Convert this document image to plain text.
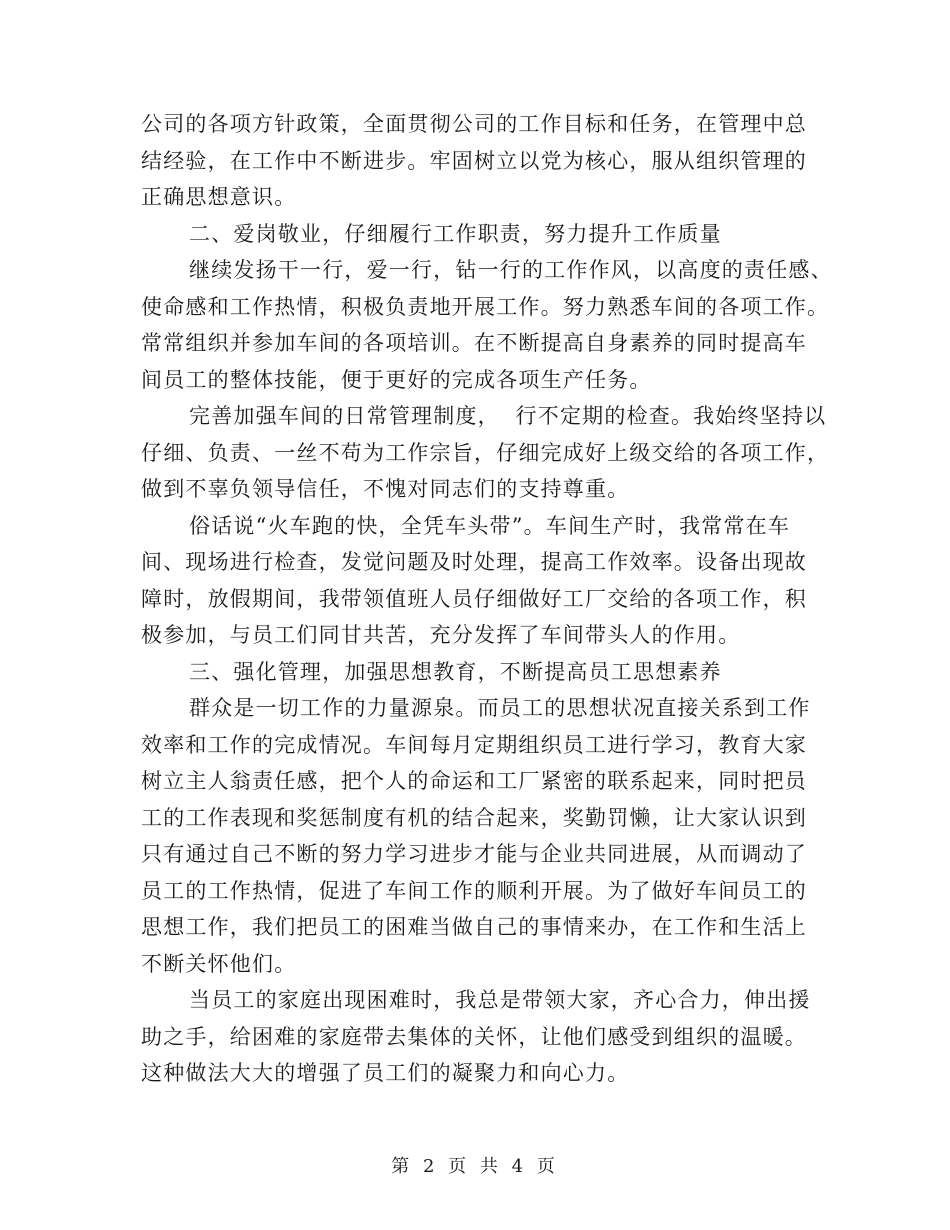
公司的各项方针政策，全面贯彻公司的工作目标和任务，在管理中总
结经验，在工作中不断进步。牢固树立以党为核心，服从组织管理的
正确思想意识。
二、爱岗敬业，仔细履行工作职责，努力提升工作质量
继续发扬干一行，爱一行，钻一行的工作作风，以高度的责任感、
使命感和工作热情，积极负责地开展工作。努力熟悉车间的各项工作。
常常组织并参加车间的各项培训。在不断提高自身素养的同时提高车
间员工的整体技能，便于更好的完成各项生产任务。
完善加强车间的日常管理制度，  行不定期的检查。我始终坚持以
仔细、负责、一丝不苟为工作宗旨，仔细完成好上级交给的各项工作，
做到不辜负领导信任，不愧对同志们的支持尊重。
俗话说“火车跑的快，全凭车头带”。车间生产时，我常常在车
间、现场进行检查，发觉问题及时处理，提高工作效率。设备出现故
障时，放假期间，我带领值班人员仔细做好工厂交给的各项工作，积
极参加，与员工们同甘共苦，充分发挥了车间带头人的作用。
三、强化管理，加强思想教育，不断提高员工思想素养
群众是一切工作的力量源泉。而员工的思想状况直接关系到工作
效率和工作的完成情况。车间每月定期组织员工进行学习，教育大家
树立主人翁责任感，把个人的命运和工厂紧密的联系起来，同时把员
工的工作表现和奖惩制度有机的结合起来，奖勤罚懒，让大家认识到
只有通过自己不断的努力学习进步才能与企业共同进展，从而调动了
员工的工作热情，促进了车间工作的顺利开展。为了做好车间员工的
思想工作，我们把员工的困难当做自己的事情来办，在工作和生活上
不断关怀他们。
当员工的家庭出现困难时，我总是带领大家，齐心合力，伸出援
助之手，给困难的家庭带去集体的关怀，让他们感受到组织的温暖。
这种做法大大的增强了员工们的凝聚力和向心力。
第 2 页 共 4 页
